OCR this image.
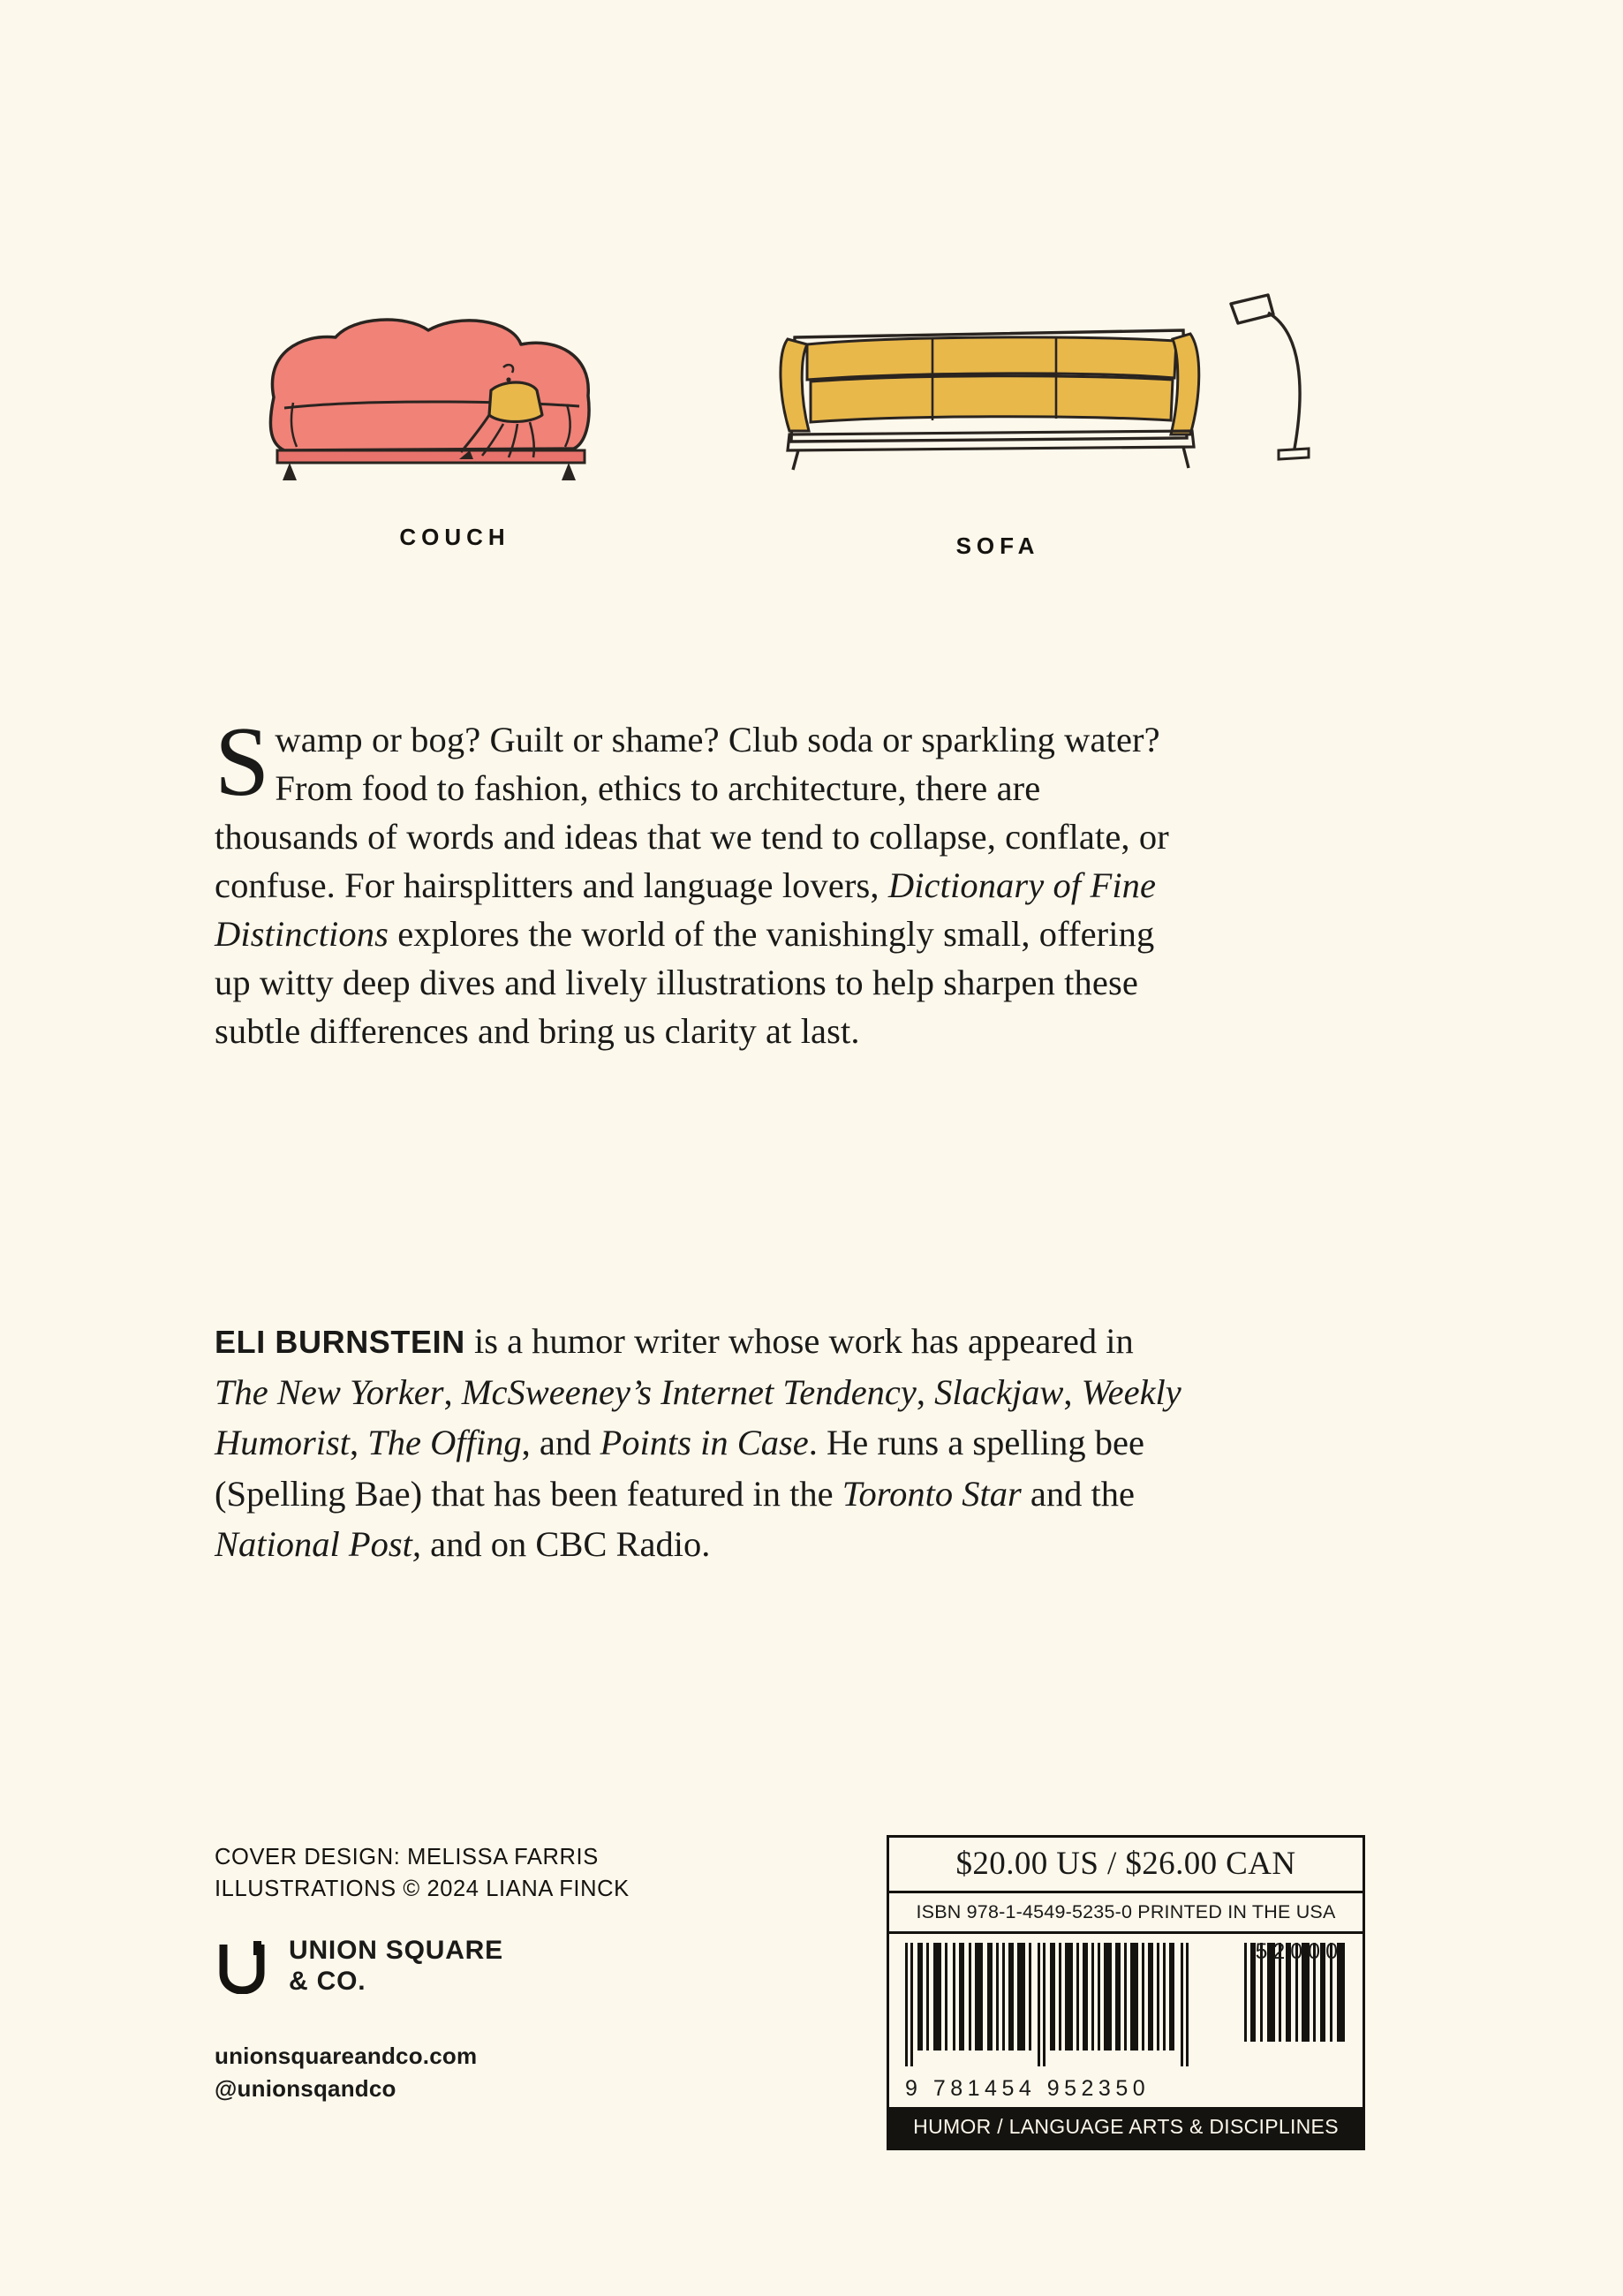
COUCH	SOFA

Swamp or bog? Guilt or shame? Club soda or sparkling water? From food to fashion, ethics to architecture, there are thousands of words and ideas that we tend to collapse, conflate, or confuse. For hairsplitters and language lovers, Dictionary of Fine Distinctions explores the world of the vanishingly small, offering up witty deep dives and lively illustrations to help sharpen these subtle differences and bring us clarity at last.

ELI BURNSTEIN is a humor writer whose work has appeared in The New Yorker, McSweeney’s Internet Tendency, Slackjaw, Weekly Humorist, The Offing, and Points in Case. He runs a spelling bee (Spelling Bae) that has been featured in the Toronto Star and the National Post, and on CBC Radio.

COVER DESIGN: MELISSA FARRIS
ILLUSTRATIONS © 2024 LIANA FINCK
UNION SQUARE
& CO.
unionsquareandco.com
@unionsqandco
$20.00 US / $26.00 CAN
ISBN 978-1-4549-5235-0 PRINTED IN THE USA
52000
9 781454 952350
HUMOR / LANGUAGE ARTS & DISCIPLINES
